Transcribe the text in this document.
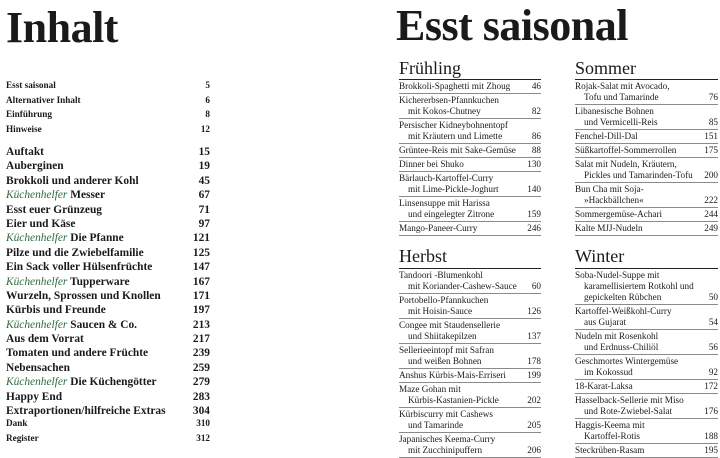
Inhalt
Esst saisonal	5
Alternativer Inhalt	6
Einführung	8
Hinweise	12
Auftakt	15
Auberginen	19
Brokkoli und anderer Kohl	45
Küchenhelfer Messer	67
Esst euer Grünzeug	71
Eier und Käse	97
Küchenhelfer Die Pfanne	121
Pilze und die Zwiebelfamilie	125
Ein Sack voller Hülsenfrüchte	147
Küchenhelfer Tupperware	167
Wurzeln, Sprossen und Knollen	171
Kürbis und Freunde	197
Küchenhelfer Saucen & Co.	213
Aus dem Vorrat	217
Tomaten und andere Früchte	239
Nebensachen	259
Küchenhelfer Die Küchengötter	279
Happy End	283
Extraportionen/hilfreiche Extras 304
Dank	310
Register	312
Esst saisonal
Frühling
Brokkoli-Spaghetti mit Zhoug	46
Kichererbsen-Pfannkuchen
mit Kokos-Chutney	82
Persischer Kidneybohnentopf
mit Kräutern und Limette	86
Grüntee-Reis mit Sake-Gemüse	88
Dinner bei Shuko	130
Bärlauch-Kartoffel-Curry
mit Lime-Pickle-Joghurt	140
Linsensuppe mit Harissa
und eingelegter Zitrone	159
Mango-Paneer-Curry	246
Sommer
Rojak-Salat mit Avocado,
Tofu und Tamarinde	76
Libanesische Bohnen
und Vermicelli-Reis	85
Fenchel-Dill-Dal	151
Süßkartoffel-Sommerrollen	175
Salat mit Nudeln, Kräutern,
Pickles und Tamarinden-Tofu	200
Bun Cha mit Soja-
»Hackbällchen«	222
Sommergemüse-Achari	244
Kalte MJJ-Nudeln	249
Herbst
Tandoori -Blumenkohl
mit Koriander-Cashew-Sauce	60
Portobello-Pfannkuchen
mit Hoisin-Sauce	126
Congee mit Staudensellerie
und Shiitakepilzen	137
Sellerieeintopf mit Safran
und weißen Bohnen	178
Anshus Kürbis-Mais-Erriseri	199
Maze Gohan mit
Kürbis-Kastanien-Pickle	202
Kürbiscurry mit Cashews
und Tamarinde	205
Japanisches Keema-Curry
mit Zucchinipuffern	206
Winter
Soba-Nudel-Suppe mit
karamellisiertem Rotkohl und
gepickelten Rübchen	50
Kartoffel-Weißkohl-Curry
aus Gujarat	54
Nudeln mit Rosenkohl
und Erdnuss-Chiliöl	56
Geschmortes Wintergemüse
im Kokossud	92
18-Karat-Laksa	172
Hasselback-Sellerie mit Miso
und Rote-Zwiebel-Salat	176
Haggis-Keema mit
Kartoffel-Rotis	188
Steckrüben-Rasam	195
